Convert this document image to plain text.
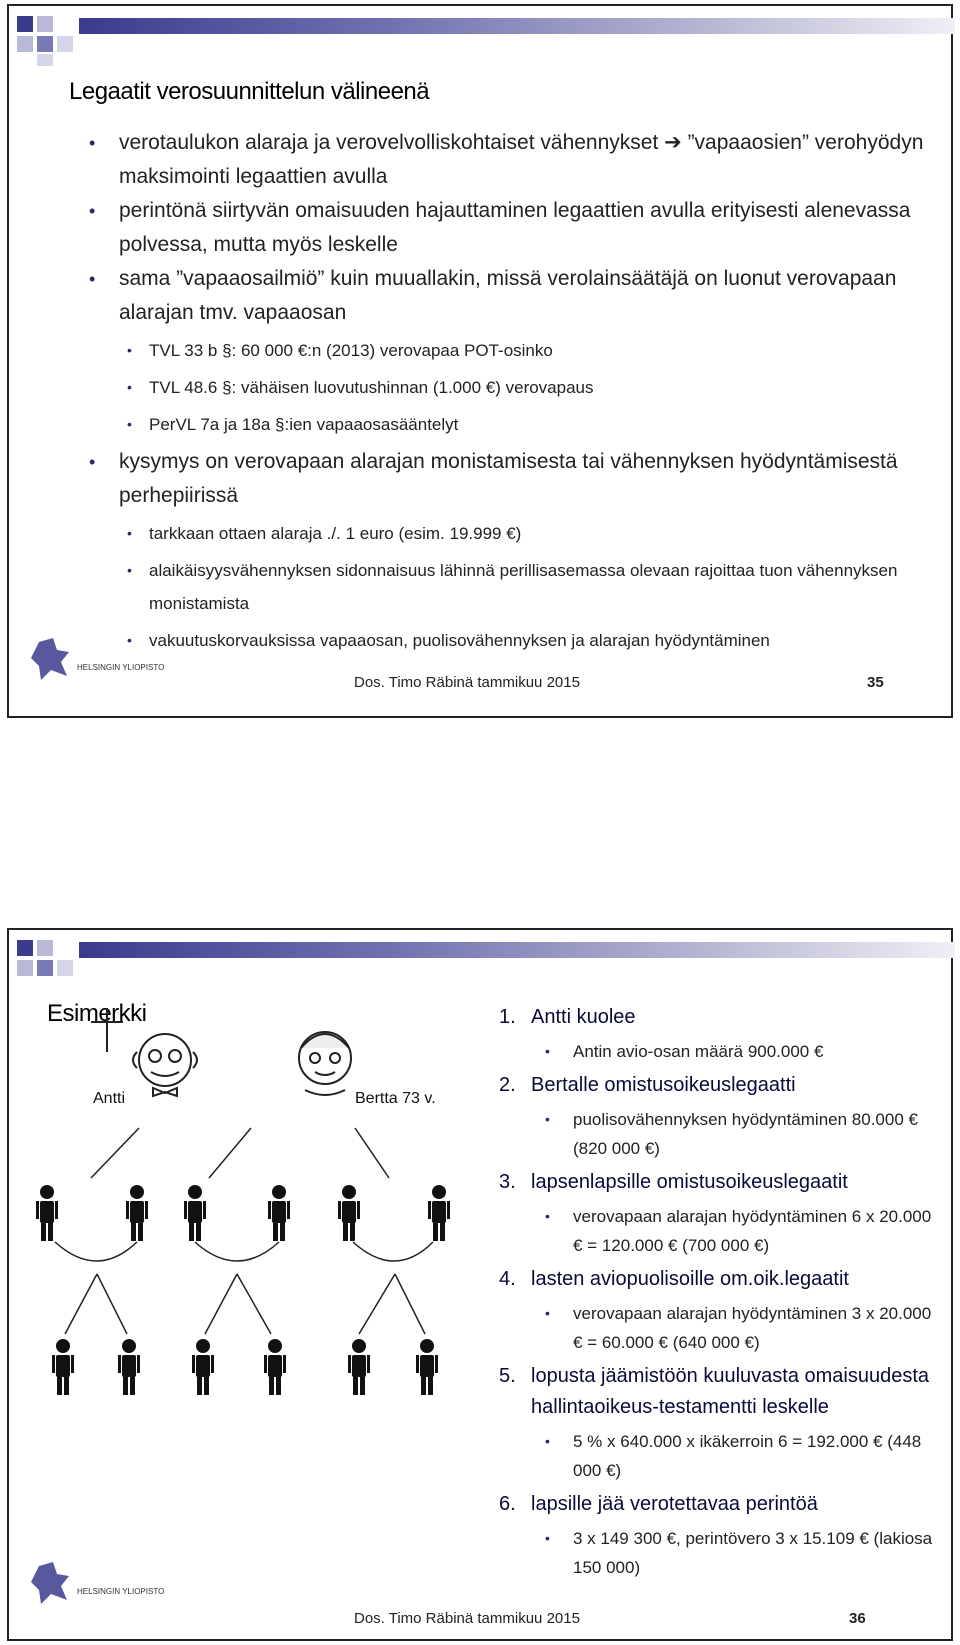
Legaatit verosuunnittelun välineenä
• verotaulukon alaraja ja verovelvolliskohtaiset vähennykset ➔ ”vapaaosien” verohyödyn maksimointi legaattien avulla
• perintönä siirtyvän omaisuuden hajauttaminen legaattien avulla erityisesti alenevassa polvessa, mutta myös leskelle
• sama ”vapaaosailmiö” kuin muuallakin, missä verolainsäätäjä on luonut verovapaan alarajan tmv. vapaaosan
• TVL 33 b §: 60 000 €:n (2013) verovapaa POT-osinko
• TVL 48.6 §: vähäisen luovutushinnan (1.000 €) verovapaus
• PerVL 7a ja 18a §:ien vapaaosasääntelyt
• kysymys on verovapaan alarajan monistamisesta tai vähennyksen hyödyntämisestä perhepiirissä
• tarkkaan ottaen alaraja ./. 1 euro (esim. 19.999 €)
• alaikäisyysvähennyksen sidonnaisuus lähinnä perillisasemassa olevaan rajoittaa tuon vähennyksen monistamista
• vakuutuskorvauksissa vapaaosan, puolisovähennyksen ja alarajan hyödyntäminen
HELSINGIN YLIOPISTO
Dos. Timo Räbinä tammikuu 2015	35
Esimerkki
Antti	Bertta 73 v.
1. Antti kuolee
• Antin avio-osan määrä 900.000 €
2. Bertalle omistusoikeuslegaatti
• puolisovähennyksen hyödyntäminen 80.000 € (820 000 €)
3. lapsenlapsille omistusoikeuslegaatit
• verovapaan alarajan hyödyntäminen 6 x 20.000 € = 120.000 € (700 000 €)
4. lasten aviopuolisoille om.oik.legaatit
• verovapaan alarajan hyödyntäminen 3 x 20.000 € = 60.000 € (640 000 €)
5. lopusta jäämistöön kuuluvasta omaisuudesta hallintaoikeus-testamentti leskelle
• 5 % x 640.000 x ikäkerroin 6 = 192.000 € (448 000 €)
6. lapsille jää verotettavaa perintöä
• 3 x 149 300 €, perintövero 3 x 15.109 € (lakiosa 150 000)
HELSINGIN YLIOPISTO
Dos. Timo Räbinä tammikuu 2015	36
